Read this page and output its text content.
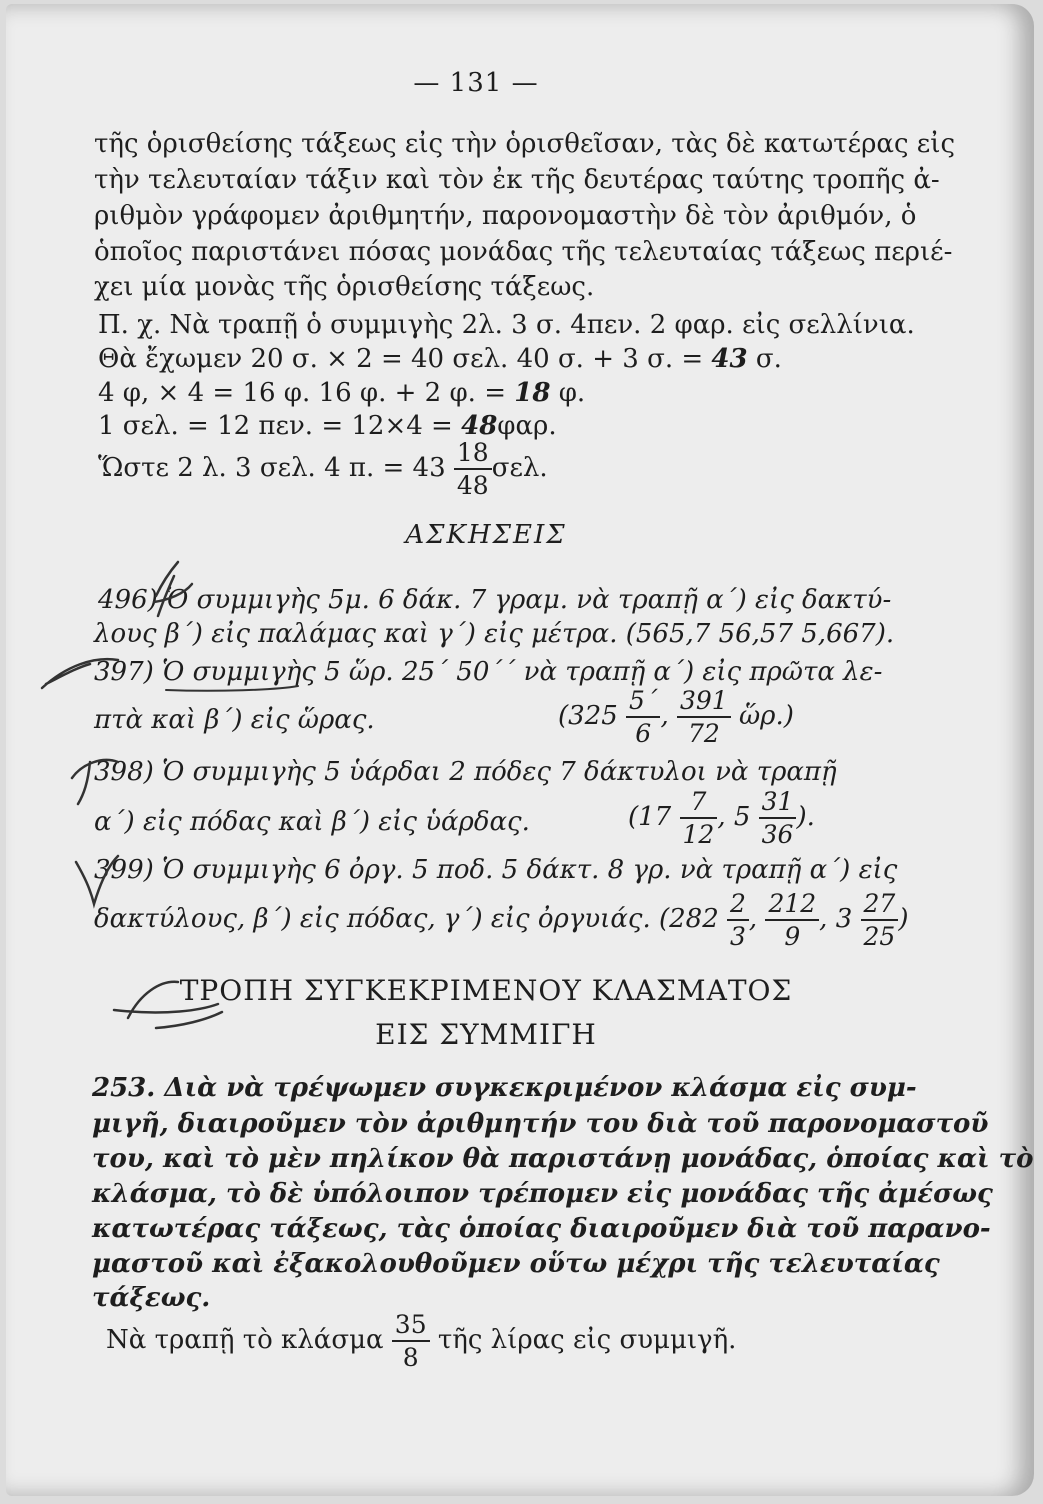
— 131 —
τῆς ὁρισθείσης τάξεως εἰς τὴν ὁρισθεῖσαν, τὰς δὲ κατωτέρας εἰς
τὴν τελευταίαν τάξιν καὶ τὸν ἐκ τῆς δευτέρας ταύτης τροπῆς ἀ-
ριθμὸν γράφομεν ἀριθμητήν, παρονομαστὴν δὲ τὸν ἀριθμόν, ὁ
ὁποῖος παριστάνει πόσας μονάδας τῆς τελευταίας τάξεως περιέ-
χει μία μονὰς τῆς ὁρισθείσης τάξεως.
Π. χ. Νὰ τραπῇ ὁ συμμιγὴς 2λ. 3 σ. 4πεν. 2 φαρ. εἰς σελλίνια.
Θὰ ἔχωμεν 20 σ. × 2 = 40 σελ. 40 σ. + 3 σ. = 43 σ.
4 φ, × 4 = 16 φ. 16 φ. + 2 φ. = 18 φ.
1 σελ. = 12 πεν. = 12×4 = 48φαρ.
Ὥστε 2 λ. 3 σελ. 4 π. = $43 \frac{18}{48} \sigma\varepsilon\lambda$.
ΑΣΚΗΣΕΙΣ
496) Ὁ συμμιγὴς 5μ. 6 δάκ. 7 γραμ. νὰ τραπῇ α΄) εἰς δακτύ-
λους β΄) εἰς παλάμας καὶ γ΄) εἰς μέτρα. (565,7 56,57 5,667).
397) Ὁ συμμιγὴς 5 ὥρ. 25΄ 50΄΄ νὰ τραπῇ α΄) εἰς πρῶτα λε-
πτὰ καὶ β΄) εἰς ὥρας.	($325 \frac{5΄}{6}$ , $\frac{391}{72}$ ὥρ.)
398) Ὁ συμμιγὴς 5 ὑάρδαι 2 πόδες 7 δάκτυλοι νὰ τραπῇ
α΄) εἰς πόδας καὶ β΄) εἰς ὑάρδας.	($17 \frac{7}{12}$ , $5 \frac{31}{36}$ ).
399) Ὁ συμμιγὴς 6 ὀργ. 5 ποδ. 5 δάκτ. 8 γρ. νὰ τραπῇ α΄) εἰς
δακτύλους, β΄) εἰς πόδας, γ΄) εἰς ὀργυιάς. ($282 \frac{2}{3}$ , $\frac{212}{9}$ , $3 \frac{27}{25}$ )
ΤΡΟΠΗ ΣΥΓΚΕΚΡΙΜΕΝΟΥ ΚΛΑΣΜΑΤΟΣ
ΕΙΣ ΣΥΜΜΙΓΗ
253. Διὰ νὰ τρέψωμεν συγκεκριμένον κλάσμα εἰς συμ-
μιγῆ, διαιροῦμεν τὸν ἀριθμητήν του διὰ τοῦ παρονομαστοῦ
του, καὶ τὸ μὲν πηλίκον θὰ παριστάνῃ μονάδας, ὁποίας καὶ τὸ
κλάσμα, τὸ δὲ ὑπόλοιπον τρέπομεν εἰς μονάδας τῆς ἀμέσως
κατωτέρας τάξεως, τὰς ὁποίας διαιροῦμεν διὰ τοῦ παρανο-
μαστοῦ καὶ ἐξακολουθοῦμεν οὕτω μέχρι τῆς τελευταίας
τάξεως.
Νὰ τραπῇ τὸ κλάσμα $\frac{35}{8}$ τῆς λίρας εἰς συμμιγῆ.
